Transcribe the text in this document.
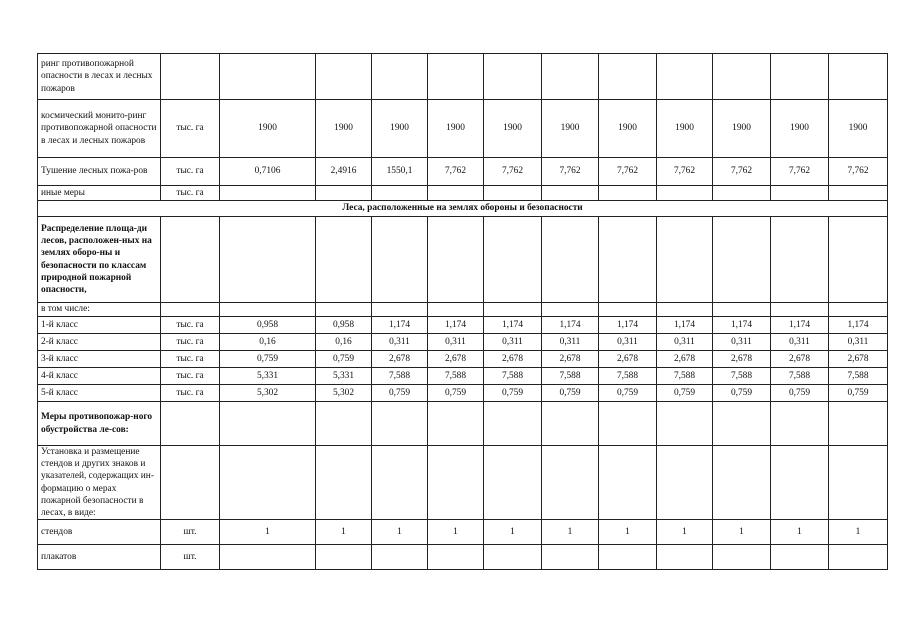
ринг противопожарной опасности в лесах и лесных пожаров												
космический монито-ринг противопожарной опасности в лесах и лесных пожаров	тыс. га	1900	1900	1900	1900	1900	1900	1900	1900	1900	1900	1900
Тушение лесных пожа-ров	тыс. га	0,7106	2,4916	1550,1	7,762	7,762	7,762	7,762	7,762	7,762	7,762	7,762
иные меры	тыс. га											
Леса, расположенные на землях обороны и безопасности												
Распределение площа-ди лесов, расположен-ных на землях оборо-ны и безопасности по классам природной пожарной опасности,												
в том числе:												
1-й класс	тыс. га	0,958	0,958	1,174	1,174	1,174	1,174	1,174	1,174	1,174	1,174	1,174
2-й класс	тыс. га	0,16	0,16	0,311	0,311	0,311	0,311	0,311	0,311	0,311	0,311	0,311
3-й класс	тыс. га	0,759	0,759	2,678	2,678	2,678	2,678	2,678	2,678	2,678	2,678	2,678
4-й класс	тыс. га	5,331	5,331	7,588	7,588	7,588	7,588	7,588	7,588	7,588	7,588	7,588
5-й класс	тыс. га	5,302	5,302	0,759	0,759	0,759	0,759	0,759	0,759	0,759	0,759	0,759
Меры противопожар-ного обустройства ле-сов:												
Установка и размещение стендов и других знаков и указателей, содержащих ин-формацию о мерах пожарной безопасности в лесах, в виде:												
стендов	шт.	1	1	1	1	1	1	1	1	1	1	1
плакатов	шт.											
